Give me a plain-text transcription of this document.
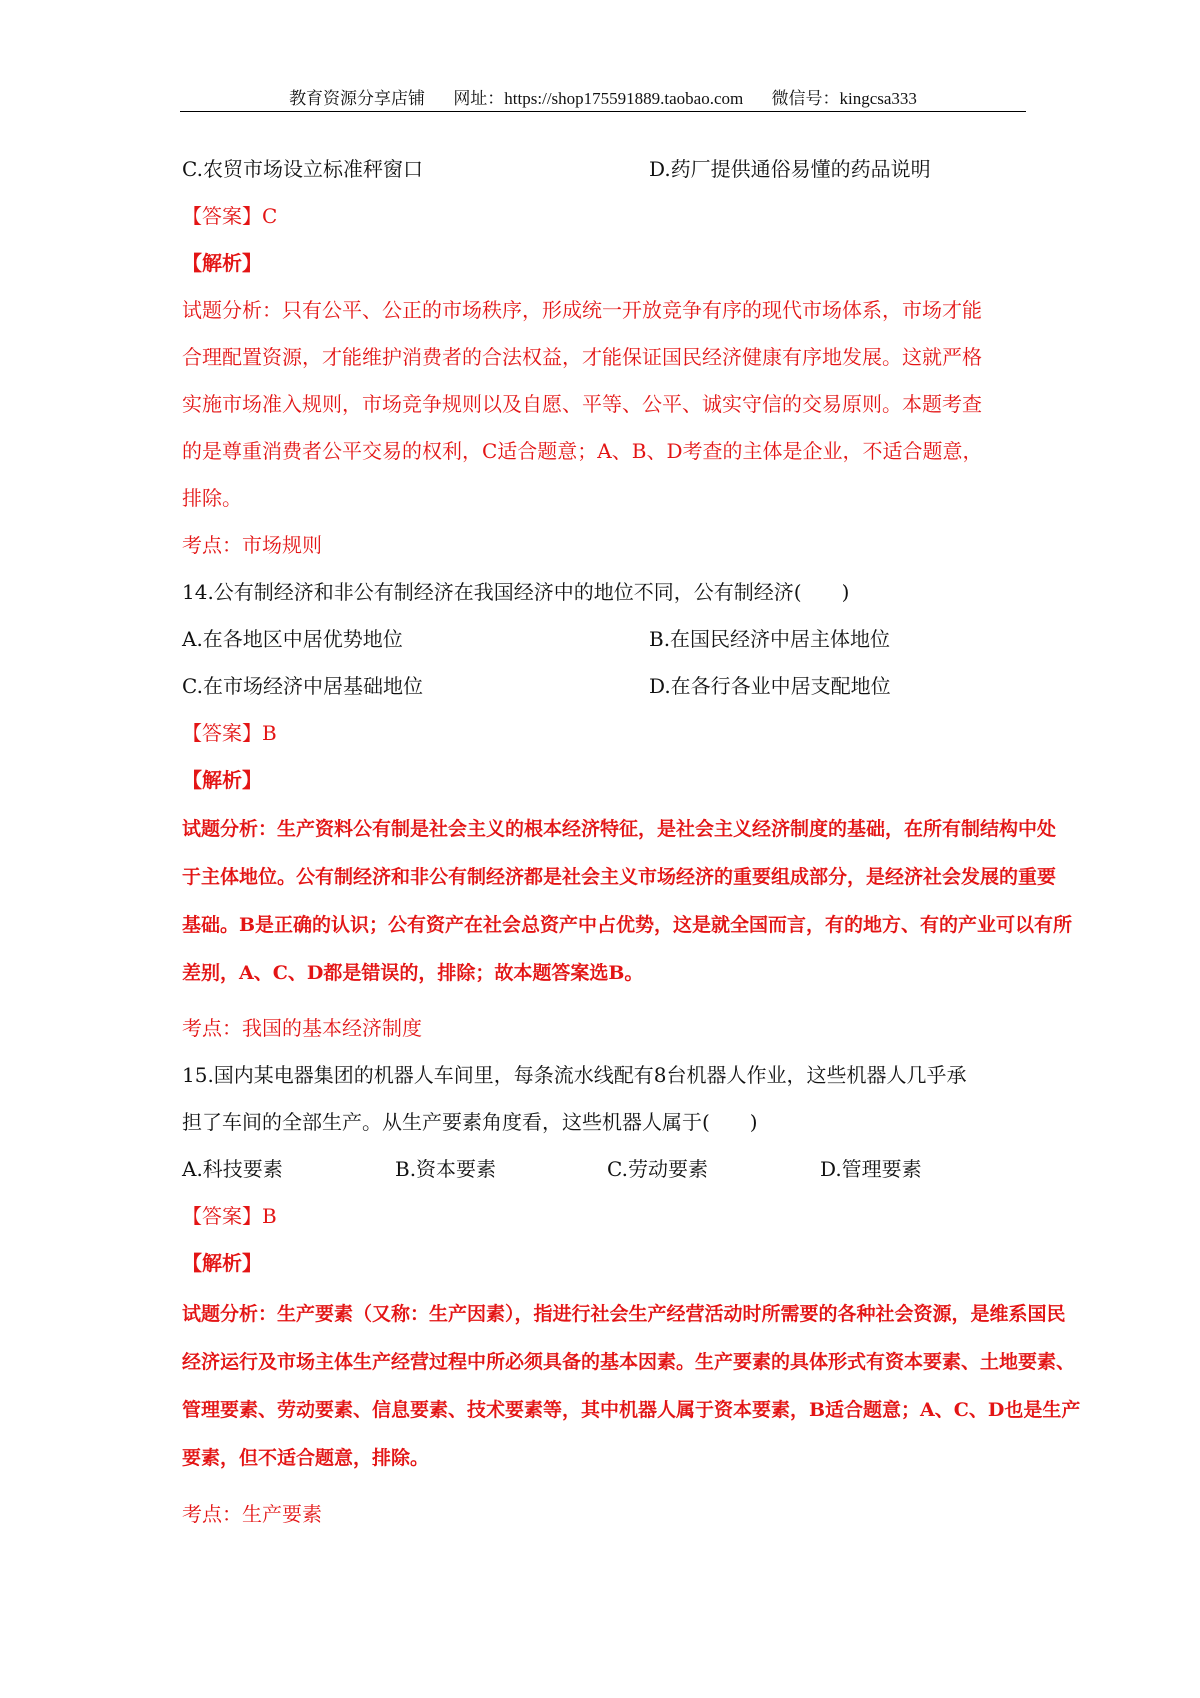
教育资源分享店铺 网址：https://shop175591889.taobao.com 微信号：kingcsa333
C.农贸市场设立标准秤窗口	D.药厂提供通俗易懂的药品说明
【答案】C
【解析】
试题分析：只有公平、公正的市场秩序，形成统一开放竞争有序的现代市场体系，市场才能
合理配置资源，才能维护消费者的合法权益，才能保证国民经济健康有序地发展。这就严格
实施市场准入规则，市场竞争规则以及自愿、平等、公平、诚实守信的交易原则。本题考查
的是尊重消费者公平交易的权利，C适合题意；A、B、D考查的主体是企业，不适合题意，
排除。
考点：市场规则
14.公有制经济和非公有制经济在我国经济中的地位不同，公有制经济(　　)
A.在各地区中居优势地位	B.在国民经济中居主体地位
C.在市场经济中居基础地位	D.在各行各业中居支配地位
【答案】B
【解析】
试题分析：生产资料公有制是社会主义的根本经济特征，是社会主义经济制度的基础，在所有制结构中处
于主体地位。公有制经济和非公有制经济都是社会主义市场经济的重要组成部分，是经济社会发展的重要
基础。B是正确的认识；公有资产在社会总资产中占优势，这是就全国而言，有的地方、有的产业可以有所
差别，A、C、D都是错误的，排除；故本题答案选B。
考点：我国的基本经济制度
15.国内某电器集团的机器人车间里，每条流水线配有8台机器人作业，这些机器人几乎承
担了车间的全部生产。从生产要素角度看，这些机器人属于(　　)
A.科技要素	B.资本要素	C.劳动要素	D.管理要素
【答案】B
【解析】
试题分析：生产要素（又称：生产因素），指进行社会生产经营活动时所需要的各种社会资源，是维系国民
经济运行及市场主体生产经营过程中所必须具备的基本因素。生产要素的具体形式有资本要素、土地要素、
管理要素、劳动要素、信息要素、技术要素等，其中机器人属于资本要素，B适合题意；A、C、D也是生产
要素，但不适合题意，排除。
考点：生产要素
